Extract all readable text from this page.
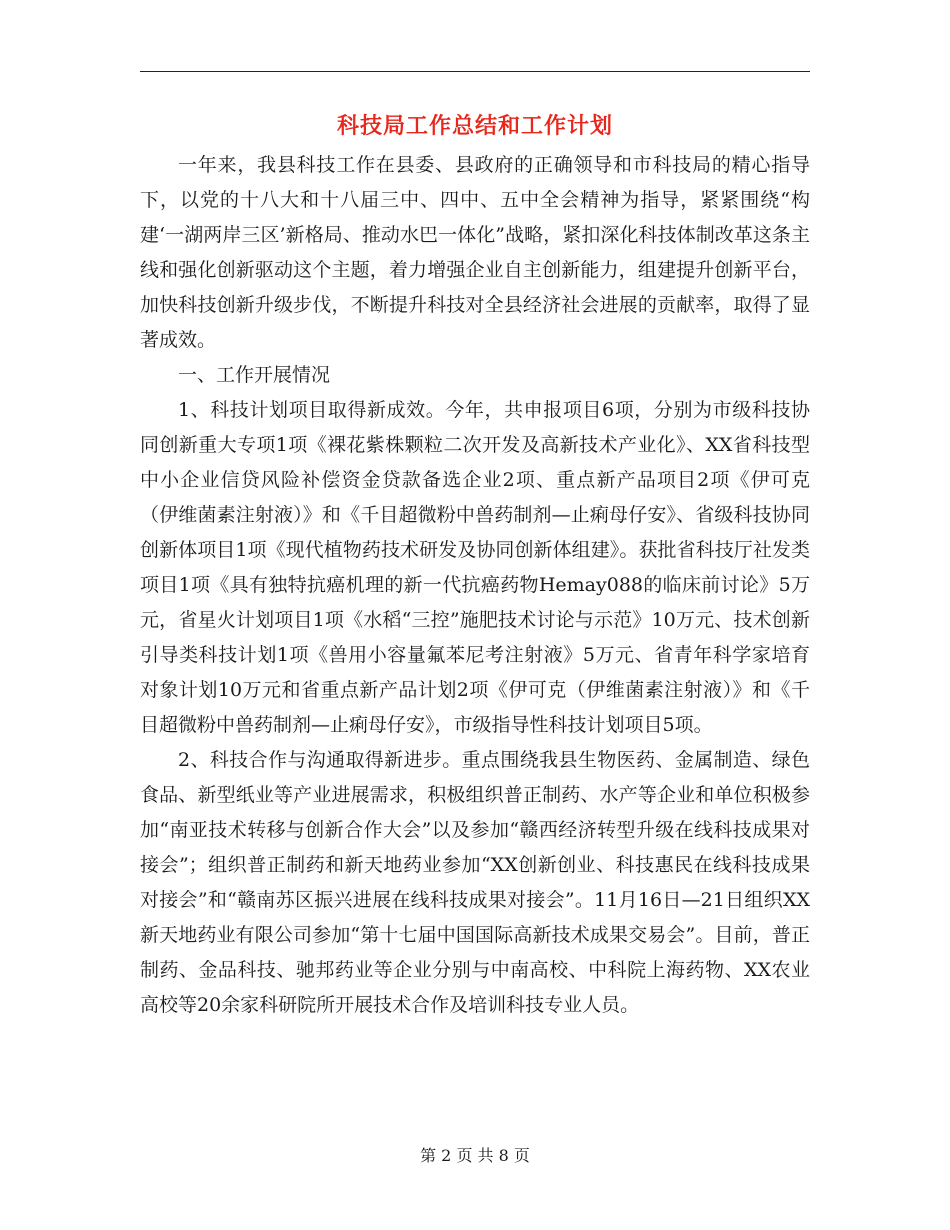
科技局工作总结和工作计划

一年来，我县科技工作在县委、县政府的正确领导和市科技局的精心指导下，以党的十八大和十八届三中、四中、五中全会精神为指导，紧紧围绕“构建‘一湖两岸三区’新格局、推动水巴一体化”战略，紧扣深化科技体制改革这条主线和强化创新驱动这个主题，着力增强企业自主创新能力，组建提升创新平台，加快科技创新升级步伐，不断提升科技对全县经济社会进展的贡献率，取得了显著成效。

一、工作开展情况

1、科技计划项目取得新成效。今年，共申报项目6项，分别为市级科技协同创新重大专项1项《裸花紫株颗粒二次开发及高新技术产业化》、XX省科技型中小企业信贷风险补偿资金贷款备选企业2项、重点新产品项目2项《伊可克（伊维菌素注射液）》和《千目超微粉中兽药制剂—止痢母仔安》、省级科技协同创新体项目1项《现代植物药技术研发及协同创新体组建》。获批省科技厅社发类项目1项《具有独特抗癌机理的新一代抗癌药物Hemay088的临床前讨论》5万元，省星火计划项目1项《水稻“三控”施肥技术讨论与示范》10万元、技术创新引导类科技计划1项《兽用小容量氟苯尼考注射液》5万元、省青年科学家培育对象计划10万元和省重点新产品计划2项《伊可克（伊维菌素注射液）》和《千目超微粉中兽药制剂—止痢母仔安》，市级指导性科技计划项目5项。

2、科技合作与沟通取得新进步。重点围绕我县生物医药、金属制造、绿色食品、新型纸业等产业进展需求，积极组织普正制药、水产等企业和单位积极参加“南亚技术转移与创新合作大会”以及参加“赣西经济转型升级在线科技成果对接会”；组织普正制药和新天地药业参加“XX创新创业、科技惠民在线科技成果对接会”和“赣南苏区振兴进展在线科技成果对接会”。11月16日—21日组织XX新天地药业有限公司参加“第十七届中国国际高新技术成果交易会”。目前，普正制药、金品科技、驰邦药业等企业分别与中南高校、中科院上海药物、XX农业高校等20余家科研院所开展技术合作及培训科技专业人员。

第 2 页 共 8 页
